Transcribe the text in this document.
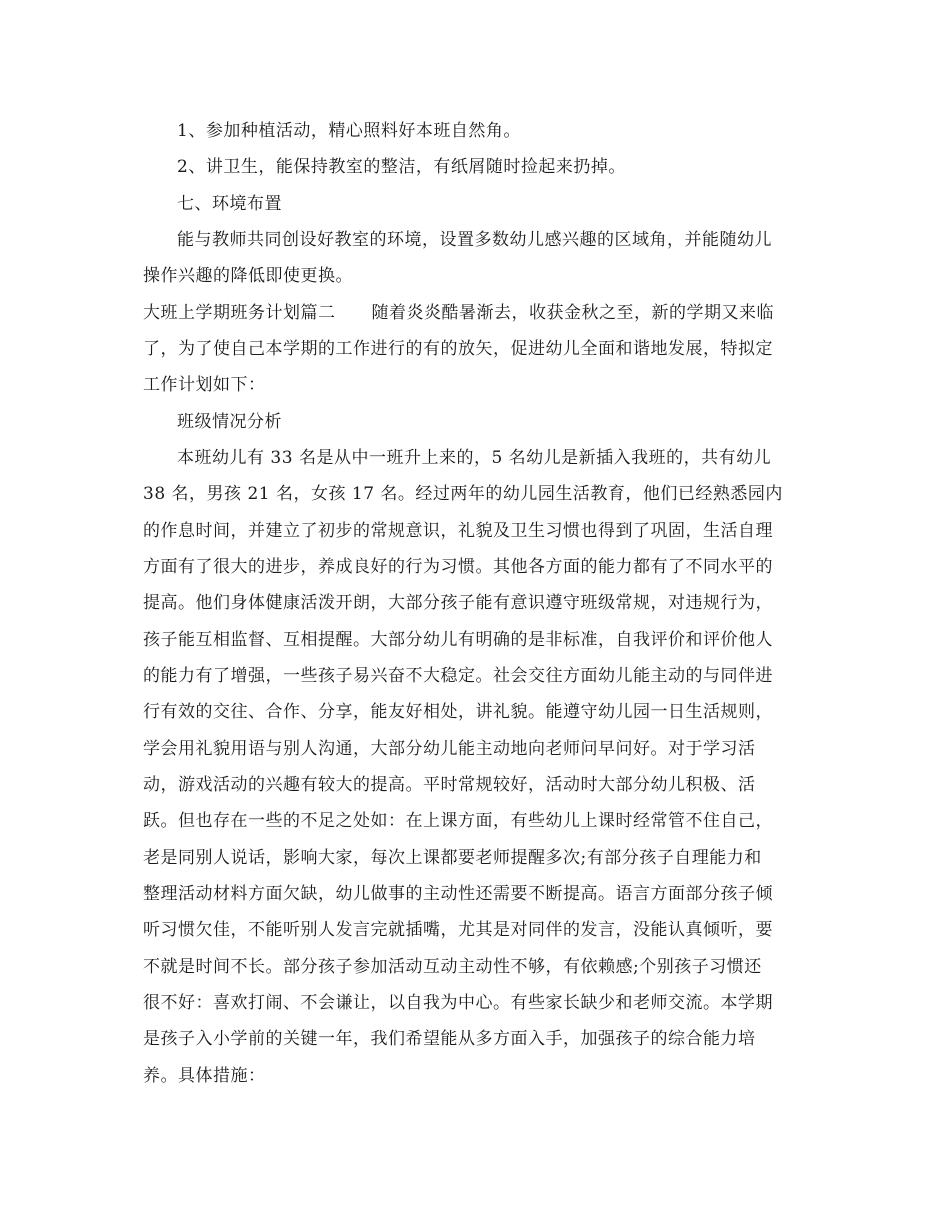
1、参加种植活动，精心照料好本班自然角。
2、讲卫生，能保持教室的整洁，有纸屑随时捡起来扔掉。
七、环境布置
能与教师共同创设好教室的环境，设置多数幼儿感兴趣的区域角，并能随幼儿
操作兴趣的降低即使更换。
大班上学期班务计划篇二 随着炎炎酷暑渐去，收获金秋之至，新的学期又来临
了，为了使自己本学期的工作进行的有的放矢，促进幼儿全面和谐地发展，特拟定
工作计划如下：
班级情况分析
本班幼儿有 33 名是从中一班升上来的，5 名幼儿是新插入我班的，共有幼儿
38 名，男孩 21 名，女孩 17 名。经过两年的幼儿园生活教育，他们已经熟悉园内
的作息时间，并建立了初步的常规意识，礼貌及卫生习惯也得到了巩固，生活自理
方面有了很大的进步，养成良好的行为习惯。其他各方面的能力都有了不同水平的
提高。他们身体健康活泼开朗，大部分孩子能有意识遵守班级常规，对违规行为，
孩子能互相监督、互相提醒。大部分幼儿有明确的是非标准，自我评价和评价他人
的能力有了增强，一些孩子易兴奋不大稳定。社会交往方面幼儿能主动的与同伴进
行有效的交往、合作、分享，能友好相处，讲礼貌。能遵守幼儿园一日生活规则，
学会用礼貌用语与别人沟通，大部分幼儿能主动地向老师问早问好。对于学习活
动，游戏活动的兴趣有较大的提高。平时常规较好，活动时大部分幼儿积极、活
跃。但也存在一些的不足之处如：在上课方面，有些幼儿上课时经常管不住自己，
老是同别人说话，影响大家，每次上课都要老师提醒多次;有部分孩子自理能力和
整理活动材料方面欠缺，幼儿做事的主动性还需要不断提高。语言方面部分孩子倾
听习惯欠佳，不能听别人发言完就插嘴，尤其是对同伴的发言，没能认真倾听，要
不就是时间不长。部分孩子参加活动互动主动性不够，有依赖感;个别孩子习惯还
很不好：喜欢打闹、不会谦让，以自我为中心。有些家长缺少和老师交流。本学期
是孩子入小学前的关键一年，我们希望能从多方面入手，加强孩子的综合能力培
养。具体措施：
